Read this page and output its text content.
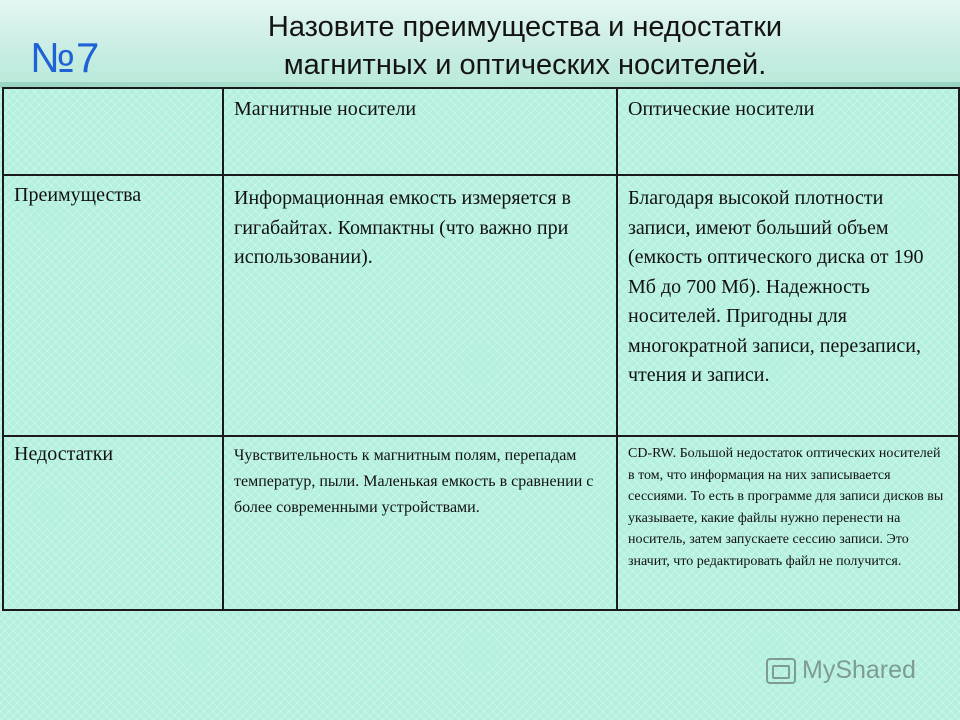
№7
Назовите преимущества и недостатки
магнитных и оптических носителей.
	Магнитные носители	Оптические носители
Преимущества	Информационная емкость измеряется в гигабайтах. Компактны (что важно при использовании).	Благодаря высокой плотности записи, имеют больший объем (емкость оптического диска от 190 Мб до 700 Мб). Надежность носителей. Пригодны для многократной записи, перезаписи, чтения и записи.
Недостатки	Чувствительность к магнитным полям, перепадам температур, пыли. Маленькая емкость в сравнении с более современными устройствами.	CD-RW. Большой недостаток оптических носителей в том, что информация на них записывается сессиями. То есть в программе для записи дисков вы указываете, какие файлы нужно перенести на носитель, затем запускаете сессию записи. Это значит, что редактировать файл не получится.
MyShared
